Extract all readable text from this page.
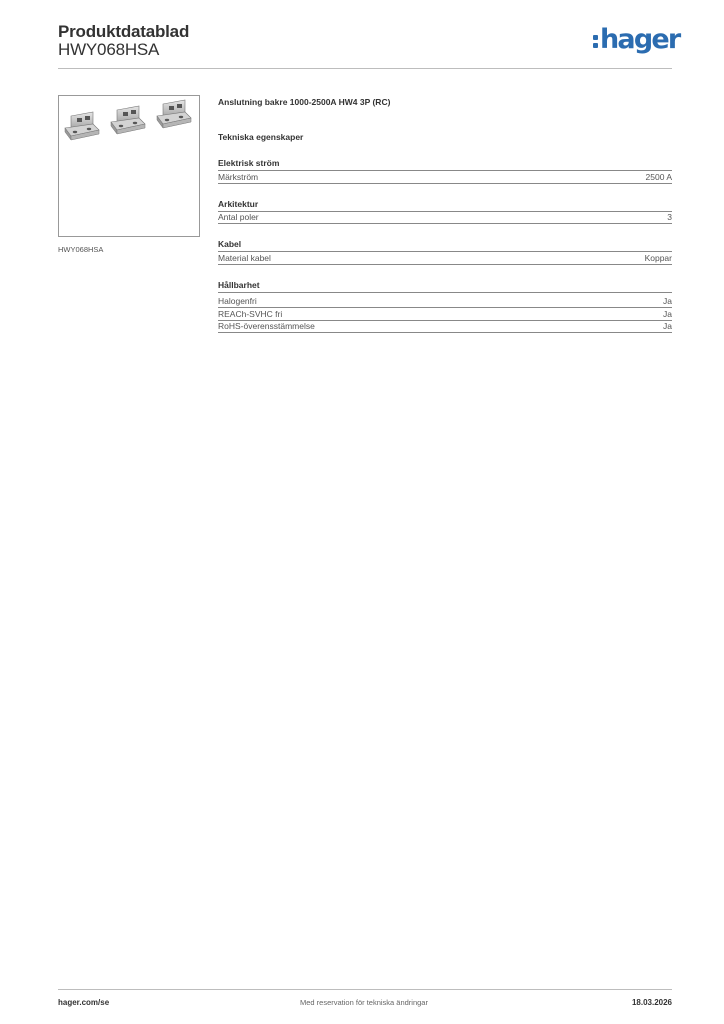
Produktdatablad
HWY068HSA	hager
HWY068HSA
Anslutning bakre 1000-2500A HW4 3P (RC)
Tekniska egenskaper
Elektrisk ström
Märkström	2500 A
Arkitektur
Antal poler	3
Kabel
Material kabel	Koppar
Hållbarhet
Halogenfri	Ja
REACh-SVHC fri	Ja
RoHS-överensstämmelse	Ja
hager.com/se	Med reservation för tekniska ändringar	18.03.2026
